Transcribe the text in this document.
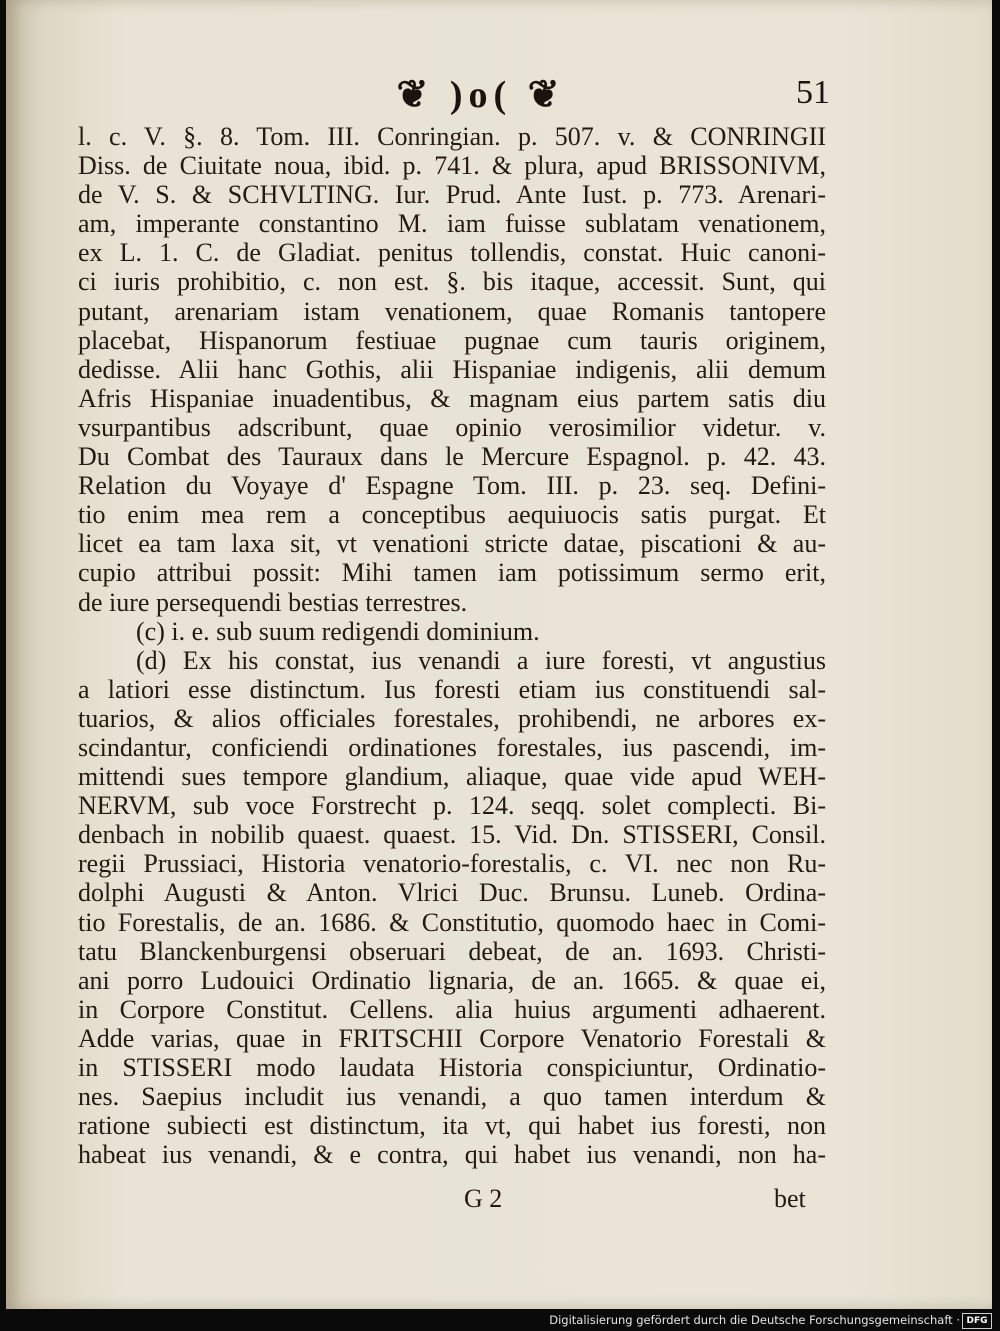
❦ )o( ❦	51
l. c. V. §. 8. Tom. III. Conringian. p. 507. v. & CONRINGII
Diss. de Ciuitate noua, ibid. p. 741. & plura, apud BRISSONIVM,
de V. S. & SCHVLTING. Iur. Prud. Ante Iust. p. 773. Arenari-
am, imperante constantino M. iam fuisse sublatam venationem,
ex L. 1. C. de Gladiat. penitus tollendis, constat. Huic canoni-
ci iuris prohibitio, c. non est. §. bis itaque, accessit. Sunt, qui
putant, arenariam istam venationem, quae Romanis tantopere
placebat, Hispanorum festiuae pugnae cum tauris originem,
dedisse. Alii hanc Gothis, alii Hispaniae indigenis, alii demum
Afris Hispaniae inuadentibus, & magnam eius partem satis diu
vsurpantibus adscribunt, quae opinio verosimilior videtur. v.
Du Combat des Tauraux dans le Mercure Espagnol. p. 42. 43.
Relation du Voyaye d' Espagne Tom. III. p. 23. seq. Defini-
tio enim mea rem a conceptibus aequiuocis satis purgat. Et
licet ea tam laxa sit, vt venationi stricte datae, piscationi & au-
cupio attribui possit: Mihi tamen iam potissimum sermo erit,
de iure persequendi bestias terrestres.
(c) i. e. sub suum redigendi dominium.
(d) Ex his constat, ius venandi a iure foresti, vt angustius
a latiori esse distinctum. Ius foresti etiam ius constituendi sal-
tuarios, & alios officiales forestales, prohibendi, ne arbores ex-
scindantur, conficiendi ordinationes forestales, ius pascendi, im-
mittendi sues tempore glandium, aliaque, quae vide apud WEH-
NERVM, sub voce Forstrecht p. 124. seqq. solet complecti. Bi-
denbach in nobilib quaest. quaest. 15. Vid. Dn. STISSERI, Consil.
regii Prussiaci, Historia venatorio-forestalis, c. VI. nec non Ru-
dolphi Augusti & Anton. Vlrici Duc. Brunsu. Luneb. Ordina-
tio Forestalis, de an. 1686. & Constitutio, quomodo haec in Comi-
tatu Blanckenburgensi obseruari debeat, de an. 1693. Christi-
ani porro Ludouici Ordinatio lignaria, de an. 1665. & quae ei,
in Corpore Constitut. Cellens. alia huius argumenti adhaerent.
Adde varias, quae in FRITSCHII Corpore Venatorio Forestali &
in STISSERI modo laudata Historia conspiciuntur, Ordinatio-
nes. Saepius includit ius venandi, a quo tamen interdum &
ratione subiecti est distinctum, ita vt, qui habet ius foresti, non
habeat ius venandi, & e contra, qui habet ius venandi, non ha-
G 2	bet
Digitalisierung gefördert durch die Deutsche Forschungsgemeinschaft · DFG
